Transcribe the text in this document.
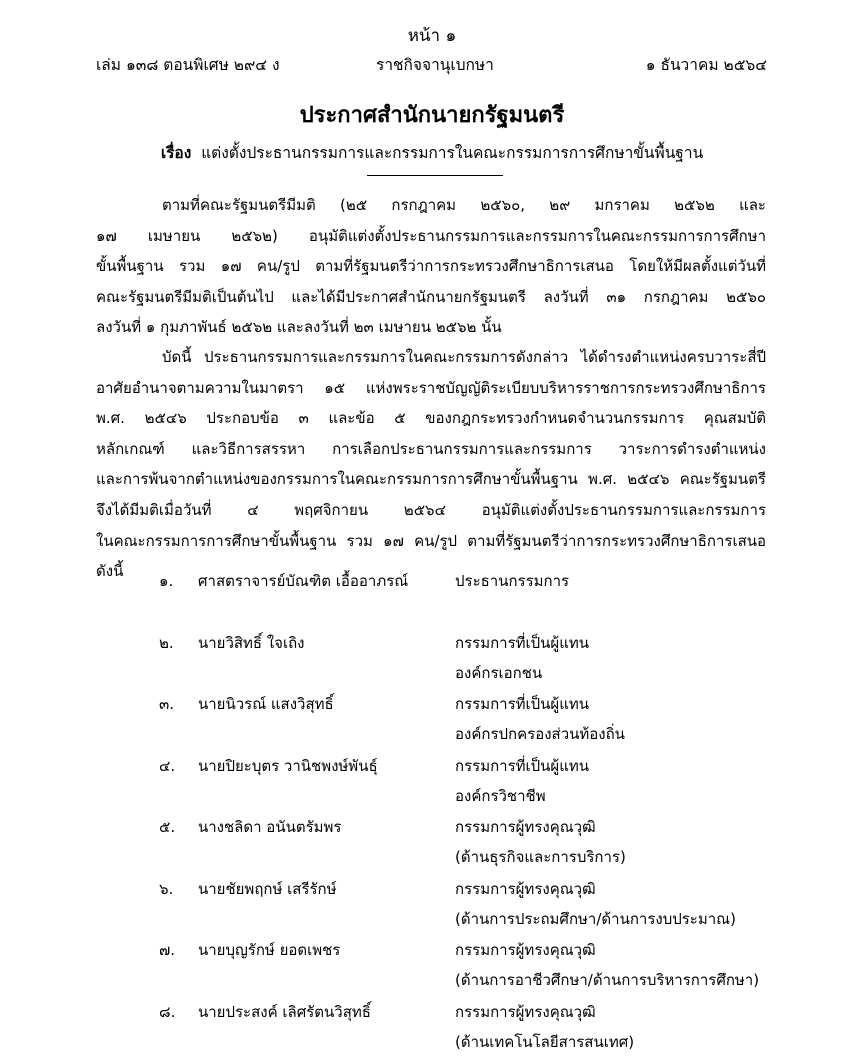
หน้า ๑
เล่ม ๑๓๘ ตอนพิเศษ ๒๙๔ ง	ราชกิจจานุเบกษา	๑ ธันวาคม ๒๕๖๔
ประกาศสำนักนายกรัฐมนตรี
เรื่อง แต่งตั้งประธานกรรมการและกรรมการในคณะกรรมการการศึกษาขั้นพื้นฐาน

ตามที่คณะรัฐมนตรีมีมติ (๒๕ กรกฎาคม ๒๕๖๐, ๒๙ มกราคม ๒๕๖๒ และ

๑๗ เมษายน ๒๕๖๒) อนุมัติแต่งตั้งประธานกรรมการและกรรมการในคณะกรรมการการศึกษา

ขั้นพื้นฐาน รวม ๑๗ คน/รูป ตามที่รัฐมนตรีว่าการกระทรวงศึกษาธิการเสนอ โดยให้มีผลตั้งแต่วันที่

คณะรัฐมนตรีมีมติเป็นต้นไป และได้มีประกาศสำนักนายกรัฐมนตรี ลงวันที่ ๓๑ กรกฎาคม ๒๕๖๐

ลงวันที่ ๑ กุมภาพันธ์ ๒๕๖๒ และลงวันที่ ๒๓ เมษายน ๒๕๖๒ นั้น

บัดนี้ ประธานกรรมการและกรรมการในคณะกรรมการดังกล่าว ได้ดำรงตำแหน่งครบวาระสี่ปี

อาศัยอำนาจตามความในมาตรา ๑๕ แห่งพระราชบัญญัติระเบียบบริหารราชการกระทรวงศึกษาธิการ

พ.ศ. ๒๕๔๖ ประกอบข้อ ๓ และข้อ ๕ ของกฎกระทรวงกำหนดจำนวนกรรมการ คุณสมบัติ

หลักเกณฑ์ และวิธีการสรรหา การเลือกประธานกรรมการและกรรมการ วาระการดำรงตำแหน่ง

และการพ้นจากตำแหน่งของกรรมการในคณะกรรมการการศึกษาขั้นพื้นฐาน พ.ศ. ๒๕๔๖ คณะรัฐมนตรี

จึงได้มีมติเมื่อวันที่ ๔ พฤศจิกายน ๒๕๖๔ อนุมัติแต่งตั้งประธานกรรมการและกรรมการ

ในคณะกรรมการการศึกษาขั้นพื้นฐาน รวม ๑๗ คน/รูป ตามที่รัฐมนตรีว่าการกระทรวงศึกษาธิการเสนอ

ดังนี้

๑. ศาสตราจารย์บัณฑิต เอื้ออาภรณ์	ประธานกรรมการ
๒. นายวิสิทธิ์ ใจเถิง	กรรมการที่เป็นผู้แทน
องค์กรเอกชน
๓. นายนิวรณ์ แสงวิสุทธิ์	กรรมการที่เป็นผู้แทน
องค์กรปกครองส่วนท้องถิ่น
๔. นายปิยะบุตร วานิชพงษ์พันธุ์	กรรมการที่เป็นผู้แทน
องค์กรวิชาชีพ
๕. นางชลิดา อนันตรัมพร	กรรมการผู้ทรงคุณวุฒิ
(ด้านธุรกิจและการบริการ)
๖. นายชัยพฤกษ์ เสรีรักษ์	กรรมการผู้ทรงคุณวุฒิ
(ด้านการประถมศึกษา/ด้านการงบประมาณ)
๗. นายบุญรักษ์ ยอดเพชร	กรรมการผู้ทรงคุณวุฒิ
(ด้านการอาชีวศึกษา/ด้านการบริหารการศึกษา)
๘. นายประสงค์ เลิศรัตนวิสุทธิ์	กรรมการผู้ทรงคุณวุฒิ
(ด้านเทคโนโลยีสารสนเทศ)
